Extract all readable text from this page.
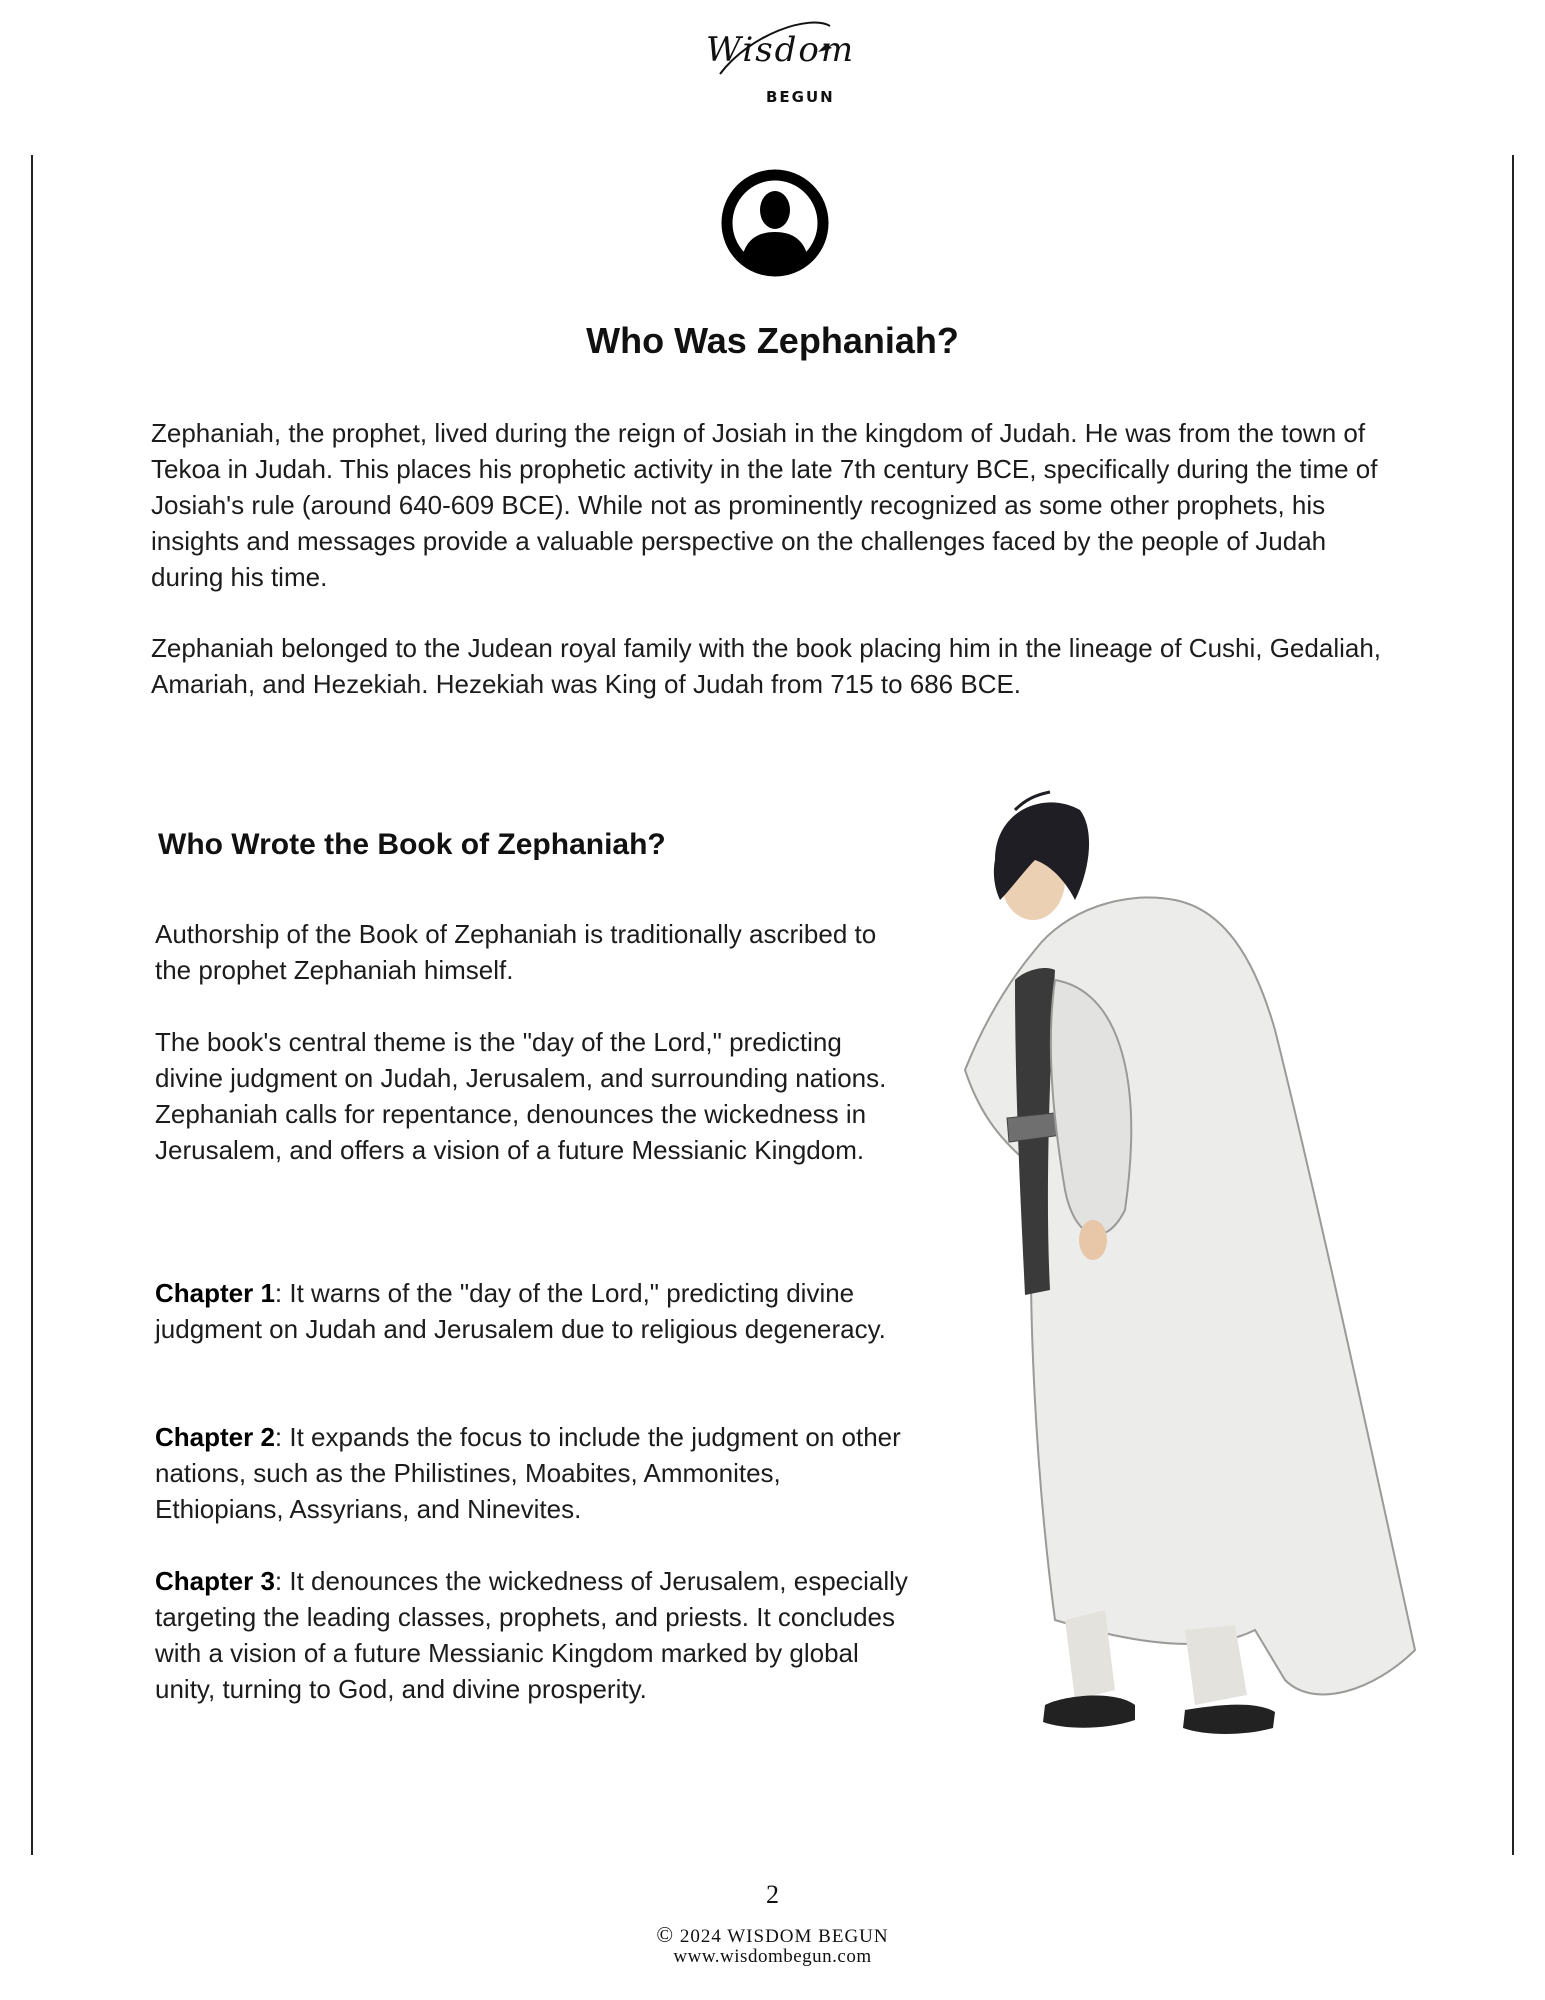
Wisdom
BEGUN
Who Was Zephaniah?

Zephaniah, the prophet, lived during the reign of Josiah in the kingdom of Judah. He was from the town of Tekoa in Judah. This places his prophetic activity in the late 7th century BCE, specifically during the time of Josiah's rule (around 640-609 BCE). While not as prominently recognized as some other prophets, his insights and messages provide a valuable perspective on the challenges faced by the people of Judah during his time.

Zephaniah belonged to the Judean royal family with the book placing him in the lineage of Cushi, Gedaliah, Amariah, and Hezekiah. Hezekiah was King of Judah from 715 to 686 BCE.

Who Wrote the Book of Zephaniah?

Authorship of the Book of Zephaniah is traditionally ascribed to the prophet Zephaniah himself.

The book's central theme is the "day of the Lord," predicting divine judgment on Judah, Jerusalem, and surrounding nations. Zephaniah calls for repentance, denounces the wickedness in Jerusalem, and offers a vision of a future Messianic Kingdom.

Chapter 1: It warns of the "day of the Lord," predicting divine judgment on Judah and Jerusalem due to religious degeneracy.

Chapter 2: It expands the focus to include the judgment on other nations, such as the Philistines, Moabites, Ammonites, Ethiopians, Assyrians, and Ninevites.

Chapter 3: It denounces the wickedness of Jerusalem, especially targeting the leading classes, prophets, and priests. It concludes with a vision of a future Messianic Kingdom marked by global unity, turning to God, and divine prosperity.

2
© 2024 WISDOM BEGUN
www.wisdombegun.com
